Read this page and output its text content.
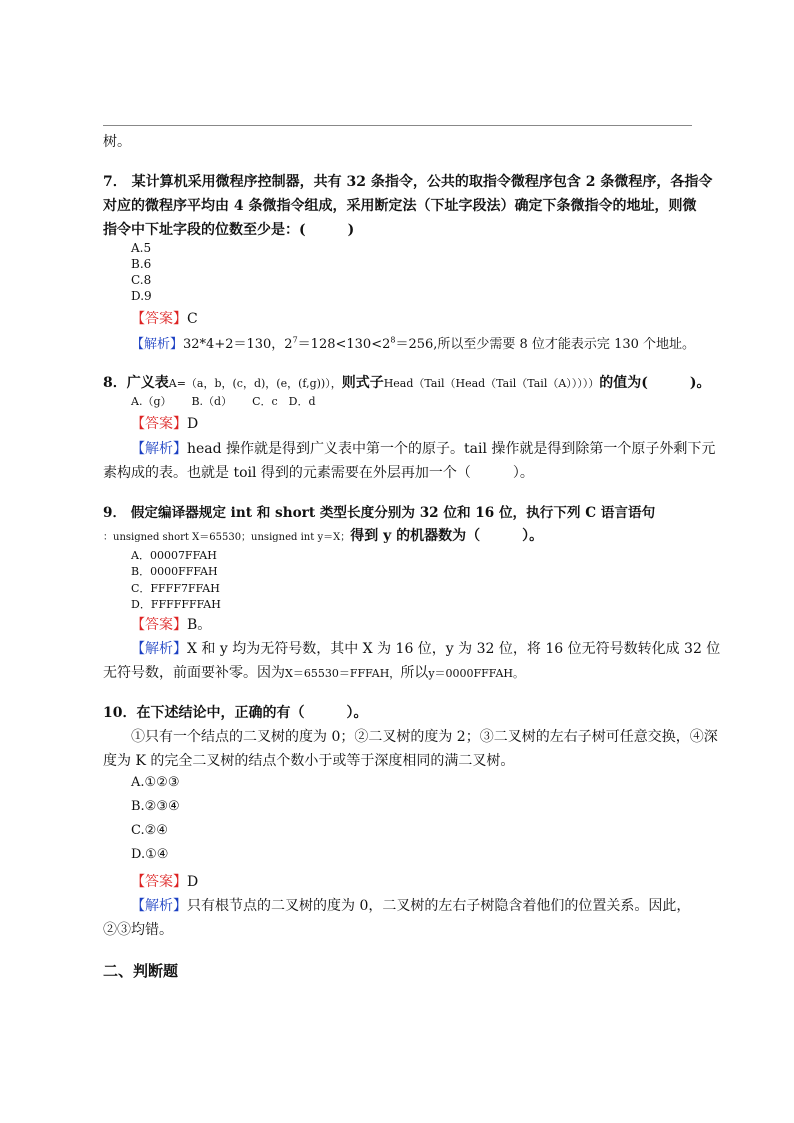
树。
7． 某计算机采用微程序控制器，共有 32 条指令，公共的取指令微程序包含 2 条微程序，各指令
对应的微程序平均由 4 条微指令组成，采用断定法（下址字段法）确定下条微指令的地址，则微
指令中下址字段的位数至少是：(　　　)
A.5
B.6
C.8
D.9
【答案】C
【解析】32*4+2＝130，$2^7=128<130<2^8=256$,所以至少需要 8 位才能表示完 130 个地址。
8．广义表A=（a，b，(c，d)，(e，(f,g))），则式子Head（Tail（Head（Tail（Tail（A）））））的值为(　　　)。
A.（g）　　 B.（d）　　 C．c　D．d
【答案】D
【解析】head 操作就是得到广义表中第一个的原子。tail 操作就是得到除第一个原子外剩下元
素构成的表。也就是 toil 得到的元素需要在外层再加一个（　　　）。
9． 假定编译器规定 int 和 short 类型长度分别为 32 位和 16 位，执行下列 C 语言语句
：unsigned short X＝65530；unsigned int y＝X；得到 y 的机器数为（　　　）。
A．00007FFAH
B．0000FFFAH
C．FFFF7FFAH
D．FFFFFFFAH
【答案】B。
【解析】X 和 y 均为无符号数，其中 X 为 16 位，y 为 32 位，将 16 位无符号数转化成 32 位
无符号数，前面要补零。因为X＝65530＝FFFAH，所以y＝0000FFFAH。
10．在下述结论中，正确的有（　　　）。
①只有一个结点的二叉树的度为 0；②二叉树的度为 2；③二叉树的左右子树可任意交换，④深
度为 K 的完全二叉树的结点个数小于或等于深度相同的满二叉树。
A.①②③
B.②③④
C.②④
D.①④
【答案】D
【解析】只有根节点的二叉树的度为 0，二叉树的左右子树隐含着他们的位置关系。因此，
②③均错。
二、判断题
